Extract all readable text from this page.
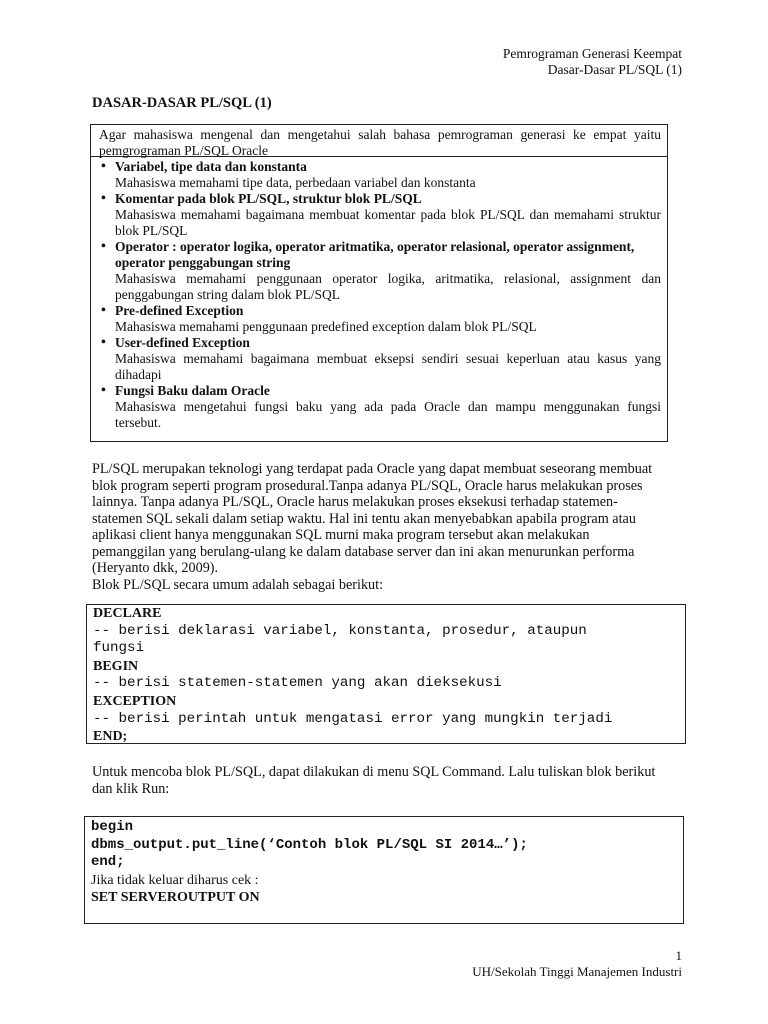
Pemrograman Generasi Keempat
Dasar-Dasar PL/SQL (1)
DASAR-DASAR PL/SQL (1)
Agar mahasiswa mengenal dan mengetahui salah bahasa pemrograman generasi ke empat yaitu pemgrograman PL/SQL Oracle
• Variabel, tipe data dan konstanta
Mahasiswa memahami tipe data, perbedaan variabel dan konstanta
• Komentar pada blok PL/SQL, struktur blok PL/SQL
Mahasiswa memahami bagaimana membuat komentar pada blok PL/SQL dan memahami struktur blok PL/SQL
• Operator : operator logika, operator aritmatika, operator relasional, operator assignment, operator penggabungan string
Mahasiswa memahami penggunaan operator logika, aritmatika, relasional, assignment dan penggabungan string dalam blok PL/SQL
• Pre-defined Exception
Mahasiswa memahami penggunaan predefined exception dalam blok PL/SQL
• User-defined Exception
Mahasiswa memahami bagaimana membuat eksepsi sendiri sesuai keperluan atau kasus yang dihadapi
• Fungsi Baku dalam Oracle
Mahasiswa mengetahui fungsi baku yang ada pada Oracle dan mampu menggunakan fungsi tersebut.
PL/SQL merupakan teknologi yang terdapat pada Oracle yang dapat membuat seseorang membuat blok program seperti program prosedural.Tanpa adanya PL/SQL, Oracle harus melakukan proses lainnya. Tanpa adanya PL/SQL, Oracle harus melakukan proses eksekusi terhadap statemen-statemen SQL sekali dalam setiap waktu. Hal ini tentu akan menyebabkan apabila program atau aplikasi client hanya menggunakan SQL murni maka program tersebut akan melakukan pemanggilan yang berulang-ulang ke dalam database server dan ini akan menurunkan performa (Heryanto dkk, 2009).
Blok PL/SQL secara umum adalah sebagai berikut:
DECLARE
-- berisi deklarasi variabel, konstanta, prosedur, ataupun
fungsi
BEGIN
-- berisi statemen-statemen yang akan dieksekusi
EXCEPTION
-- berisi perintah untuk mengatasi error yang mungkin terjadi
END;
Untuk mencoba blok PL/SQL, dapat dilakukan di menu SQL Command. Lalu tuliskan blok berikut dan klik Run:
begin
dbms_output.put_line(‘Contoh blok PL/SQL SI 2014…’);
end;
Jika tidak keluar diharus cek :
SET SERVEROUTPUT ON
1
UH/Sekolah Tinggi Manajemen Industri
